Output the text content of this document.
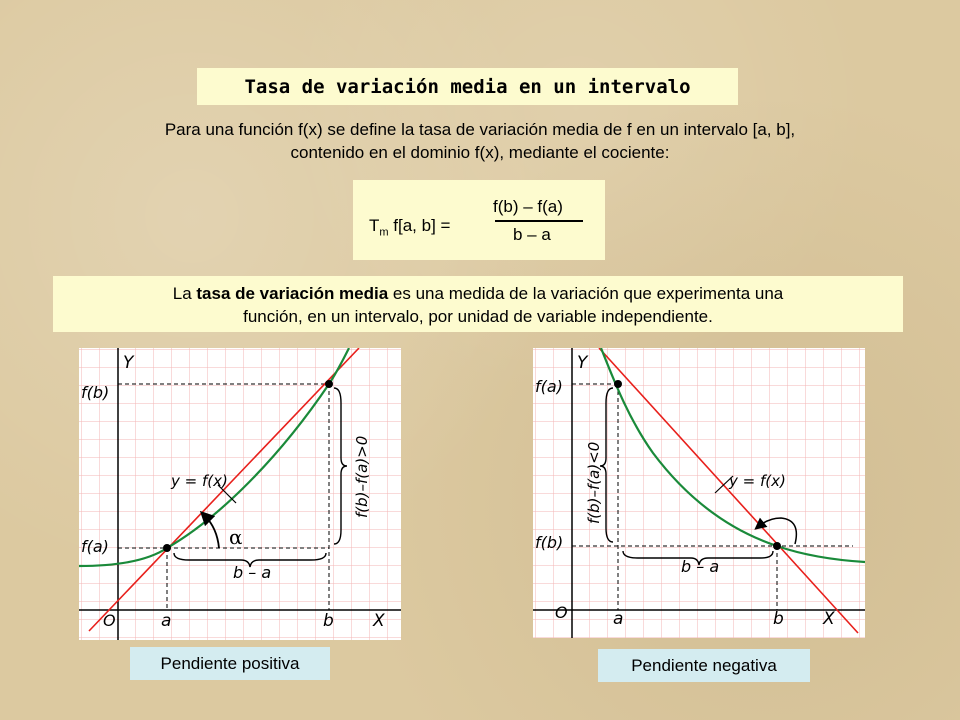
Tasa de variación media en un intervalo
Para una función f(x) se define la tasa de variación media de f en un intervalo [a, b],
contenido en el dominio f(x), mediante el cociente:
$T_m$ f[a, b] =
f(b) – f(a)
b – a
La tasa de variación media es una medida de la variación que experimenta una
función, en un intervalo, por unidad de variable independiente.
Y
X
O	a	b
f(b)
f(a)
y = f(x)
b – a
f(b)–f(a)>0
α
Y
X
O	a	b
f(a)
f(b)
y = f(x)
b – a
f(b)–f(a)<0
Pendiente positiva	Pendiente negativa
